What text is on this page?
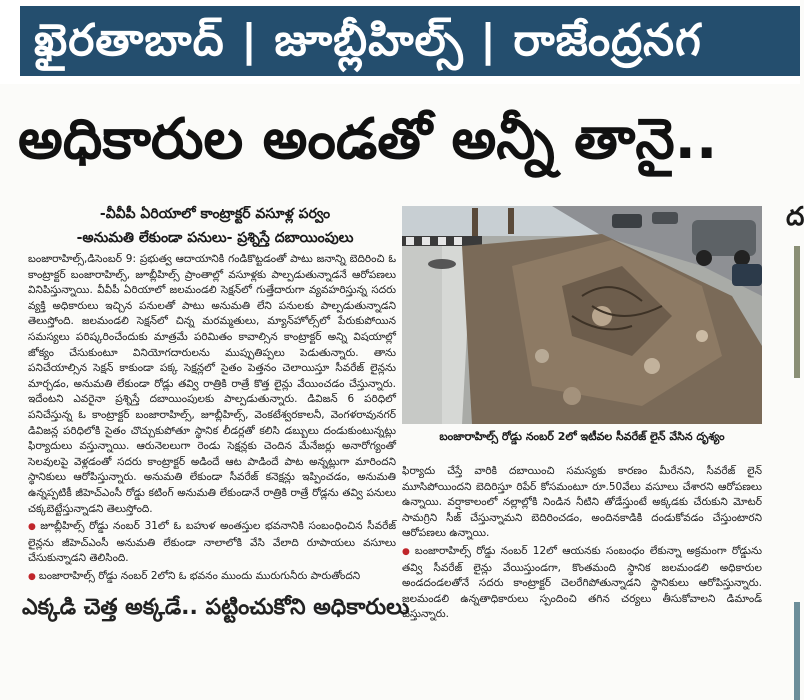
ఖైరతాబాద్ | జూబ్లీహిల్స్ | రాజేంద్రనగ
అధికారుల అండతో అన్నీ తానై..
-వీవీపీ ఏరియాలో కాంట్రాక్టర్ వసూళ్ల పర్వం
-అనుమతి లేకుండా పనులు- ప్రశ్నిస్తే దబాయింపులు

బంజారాహిల్స్,డిసెంబర్ 9: ప్రభుత్వ ఆదాయానికి గండికొట్టడంతో పాటు జనాన్ని బెదిరించి ఓ కాంట్రాక్టర్ బంజారాహిల్స్, జూబ్లీహిల్స్ ప్రాంతాల్లో వసూళ్లకు పాల్పడుతున్నాడనే ఆరోపణలు వినిపిస్తున్నాయి. వీవీపీ ఏరియాలో జలమండలి సెక్షన్‌లో గుత్తేదారుగా వ్యవహరిస్తున్న సదరు వ్యక్తి అధికారులు ఇచ్చిన పనులతో పాటు అనుమతి లేని పనులకు పాల్పడుతున్నాడని తెలుస్తోంది. జలమండలి సెక్షన్‌లో చిన్న మరమ్మతులు, మ్యాన్‌హోల్స్‌లో పేరుకుపోయిన సమస్యలు పరిష్కరించేందుకు మాత్రమే పరిమితం కావాల్సిన కాంట్రాక్టర్ అన్ని విషయాల్లో జోక్యం చేసుకుంటూ వినియోగదారులను ముప్పుతిప్పలు పెడుతున్నారు. తాను పనిచేయాల్సిన సెక్షన్ కాకుండా పక్క సెక్షన్లలో సైతం పెత్తనం చెలాయిస్తూ సీవరేజ్ లైన్లను మార్చడం, అనుమతి లేకుండా రోడ్లు తవ్వి రాత్రికి రాత్రే కొత్త లైన్లు వేయించడం చేస్తున్నారు. ఇదేంటని ఎవరైనా ప్రశ్నిస్తే దబాయింపులకు పాల్పడుతున్నారు. డివిజన్ 6 పరిధిలో పనిచేస్తున్న ఓ కాంట్రాక్టర్ బంజారాహిల్స్, జూబ్లీహిల్స్, వెంకటేశ్వరకాలనీ, వెంగళరావునగర్ డివిజన్ల పరిధిలోకి సైతం చొచ్చుకుపోతూ స్థానిక లీడర్లతో కలిసి డబ్బులు దండుకుంటున్నట్లు ఫిర్యాదులు వస్తున్నాయి. ఆరునెలలుగా రెండు సెక్షన్లకు చెందిన మేనేజర్లు అనారోగ్యంతో సెలవులపై వెళ్లడంతో సదరు కాంట్రాక్టర్ అడిందే ఆట పాడిందే పాట అన్నట్లుగా మారిందని స్థానికులు ఆరోపిస్తున్నారు. అనుమతి లేకుండా సీవరేజ్ కనెక్షన్లు ఇప్పించడం, అనుమతి ఉన్నప్పటికీ జీహెచ్‌ఎంసీ రోడ్డు కటింగ్ అనుమతి లేకుండానే రాత్రికి రాత్రే రోడ్లను తవ్వి పనులు చక్కబెట్టేస్తున్నాడని తెలుస్తోంది.

● జూబ్లీహిల్స్ రోడ్డు నంబర్ 31లో ఓ బహుళ అంతస్తుల భవనానికి సంబంధించిన సీవరేజ్ లైన్లను జీహెచ్‌ఎంసీ అనుమతి లేకుండా నాలాలోకి వేసి వేలాది రూపాయలు వసూలు చేసుకున్నాడని తెలిసింది.

● బంజారాహిల్స్ రోడ్డు నంబర్ 2లోని ఓ భవనం ముందు మురుగునీరు పారుతోందని

బంజారాహిల్స్ రోడ్డు నంబర్ 2లో ఇటీవల సీవరేజ్ లైన్ వేసిన దృశ్యం

ఫిర్యాదు చేస్తే వారికి దబాయించి సమస్యకు కారణం మీరేనని, సీవరేజ్ లైన్ మూసిపోయిందని బెదిరిస్తూ రిపేర్ కోసమంటూ రూ.50వేలు వసూలు చేశారని ఆరోపణలు ఉన్నాయి. వర్షాకాలంలో నల్లాల్లోకి నిండిన నీటిని తోడేస్తుంటే అక్కడకు చేరుకుని మోటర్ సామగ్రిని సీజ్ చేస్తున్నామని బెదిరించడం, అందినకాడికి దండుకోవడం చేస్తుంటారని ఆరోపణలు ఉన్నాయి.

● బంజారాహిల్స్ రోడ్డు నంబర్ 12లో ఆయనకు సంబంధం లేకున్నా అక్రమంగా రోడ్డును తవ్వి సీవరేజ్ లైన్లు వేయిస్తుండగా, కొంతమంది స్థానిక జలమండలి అధికారుల అండదండలతోనే సదరు కాంట్రాక్టర్ చెలరేగిపోతున్నాడని స్థానికులు ఆరోపిస్తున్నారు. జలమండలి ఉన్నతాధికారులు స్పందించి తగిన చర్యలు తీసుకోవాలని డిమాండ్ చేస్తున్నారు.

ద
ఎక్కడి చెత్త అక్కడే.. పట్టించుకోని అధికారులు
